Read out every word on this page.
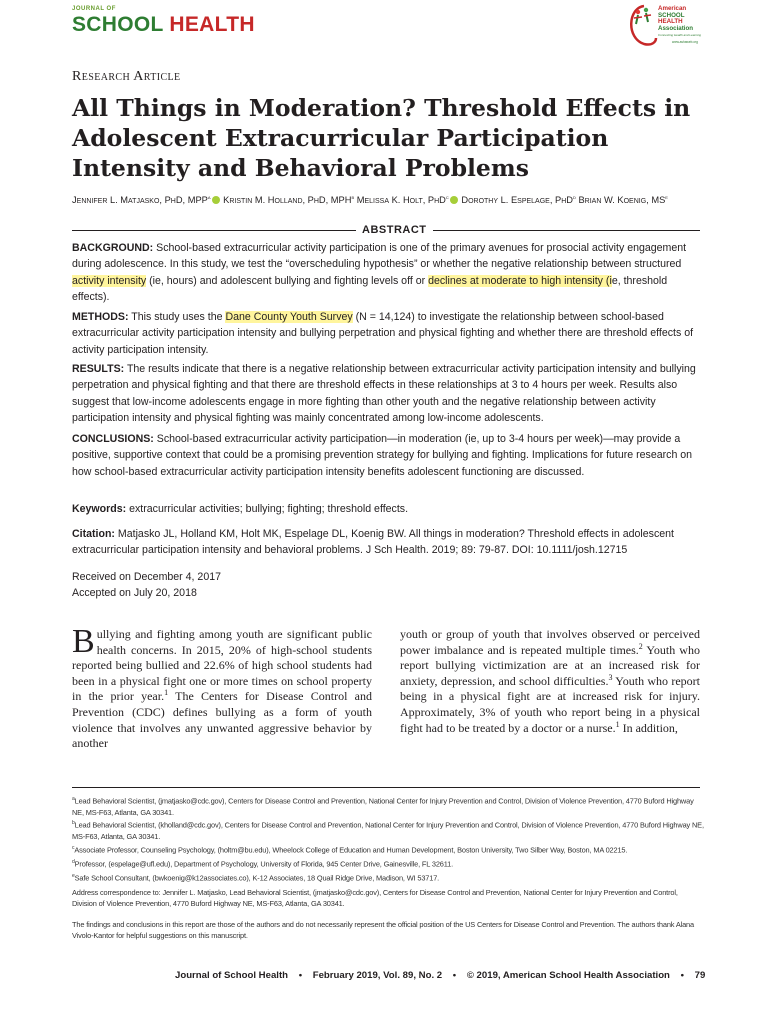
JOURNAL OF
SCHOOL HEALTH
American
SCHOOL
HEALTH
Association
Connecting Health and Learning
www.ashaweb.org
Research Article
All Things in Moderation? Threshold Effects in Adolescent Extracurricular Participation Intensity and Behavioral Problems
Jennifer L. Matjasko, PhD, MPP$^a$ Kristin M. Holland, PhD, MPH$^b$ Melissa K. Holt, PhD$^c$ Dorothy L. Espelage, PhD$^d$ Brian W. Koenig, $MS^e$
ABSTRACT
BACKGROUND: School-based extracurricular activity participation is one of the primary avenues for prosocial activity engagement during adolescence. In this study, we test the “overscheduling hypothesis” or whether the negative relationship between structured activity intensity (ie, hours) and adolescent bullying and fighting levels off or declines at moderate to high intensity (ie, threshold effects).
METHODS: This study uses the Dane County Youth Survey (N = 14,124) to investigate the relationship between school-based extracurricular activity participation intensity and bullying perpetration and physical fighting and whether there are threshold effects of activity participation intensity.
RESULTS: The results indicate that there is a negative relationship between extracurricular activity participation intensity and bullying perpetration and physical fighting and that there are threshold effects in these relationships at 3 to 4 hours per week. Results also suggest that low-income adolescents engage in more fighting than other youth and the negative relationship between activity participation intensity and physical fighting was mainly concentrated among low-income adolescents.
CONCLUSIONS: School-based extracurricular activity participation—in moderation (ie, up to 3-4 hours per week)—may provide a positive, supportive context that could be a promising prevention strategy for bullying and fighting. Implications for future research on how school-based extracurricular activity participation intensity benefits adolescent functioning are discussed.
Keywords: extracurricular activities; bullying; fighting; threshold effects.
Citation: Matjasko JL, Holland KM, Holt MK, Espelage DL, Koenig BW. All things in moderation? Threshold effects in adolescent extracurricular participation intensity and behavioral problems. J Sch Health. 2019; 89: 79-87. DOI: 10.1111/josh.12715
Received on December 4, 2017
Accepted on July 20, 2018
Bullying and fighting among youth are significant public health concerns. In 2015, 20% of high-school students reported being bullied and 22.6% of high school students had been in a physical fight one or more times on school property in the prior year.$^1$ The Centers for Disease Control and Prevention (CDC) defines bullying as a form of youth violence that involves any unwanted aggressive behavior by another
youth or group of youth that involves observed or perceived power imbalance and is repeated multiple times.$^2$ Youth who report bullying victimization are at an increased risk for anxiety, depression, and school difficulties.$^3$ Youth who report being in a physical fight are at increased risk for injury. Approximately, 3% of youth who report being in a physical fight had to be treated by a doctor or a nurse.$^1$ In addition,
$^a$Lead Behavioral Scientist, (jmatjasko@cdc.gov), Centers for Disease Control and Prevention, National Center for Injury Prevention and Control, Division of Violence Prevention, 4770 Buford Highway NE, MS-F63, Atlanta, GA 30341.
$^b$Lead Behavioral Scientist, (kholland@cdc.gov), Centers for Disease Control and Prevention, National Center for Injury Prevention and Control, Division of Violence Prevention, 4770 Buford Highway NE, MS-F63, Atlanta, GA 30341.
$^c$Associate Professor, Counseling Psychology, (holtm@bu.edu), Wheelock College of Education and Human Development, Boston University, Two Silber Way, Boston, MA 02215.
$^d$Professor, (espelage@ufl.edu), Department of Psychology, University of Florida, 945 Center Drive, Gainesville, FL 32611.
$^e$Safe School Consultant, (bwkoenig@k12associates.co), K-12 Associates, 18 Quail Ridge Drive, Madison, WI 53717.
Address correspondence to: Jennifer L. Matjasko, Lead Behavioral Scientist, (jmatjasko@cdc.gov), Centers for Disease Control and Prevention, National Center for Injury Prevention and Control, Division of Violence Prevention, 4770 Buford Highway NE, MS-F63, Atlanta, GA 30341.
The findings and conclusions in this report are those of the authors and do not necessarily represent the official position of the US Centers for Disease Control and Prevention. The authors thank Alana Vivolo-Kantor for helpful suggestions on this manuscript.
Journal of School Health • February 2019, Vol. 89, No. 2 • © 2019, American School Health Association • 79
